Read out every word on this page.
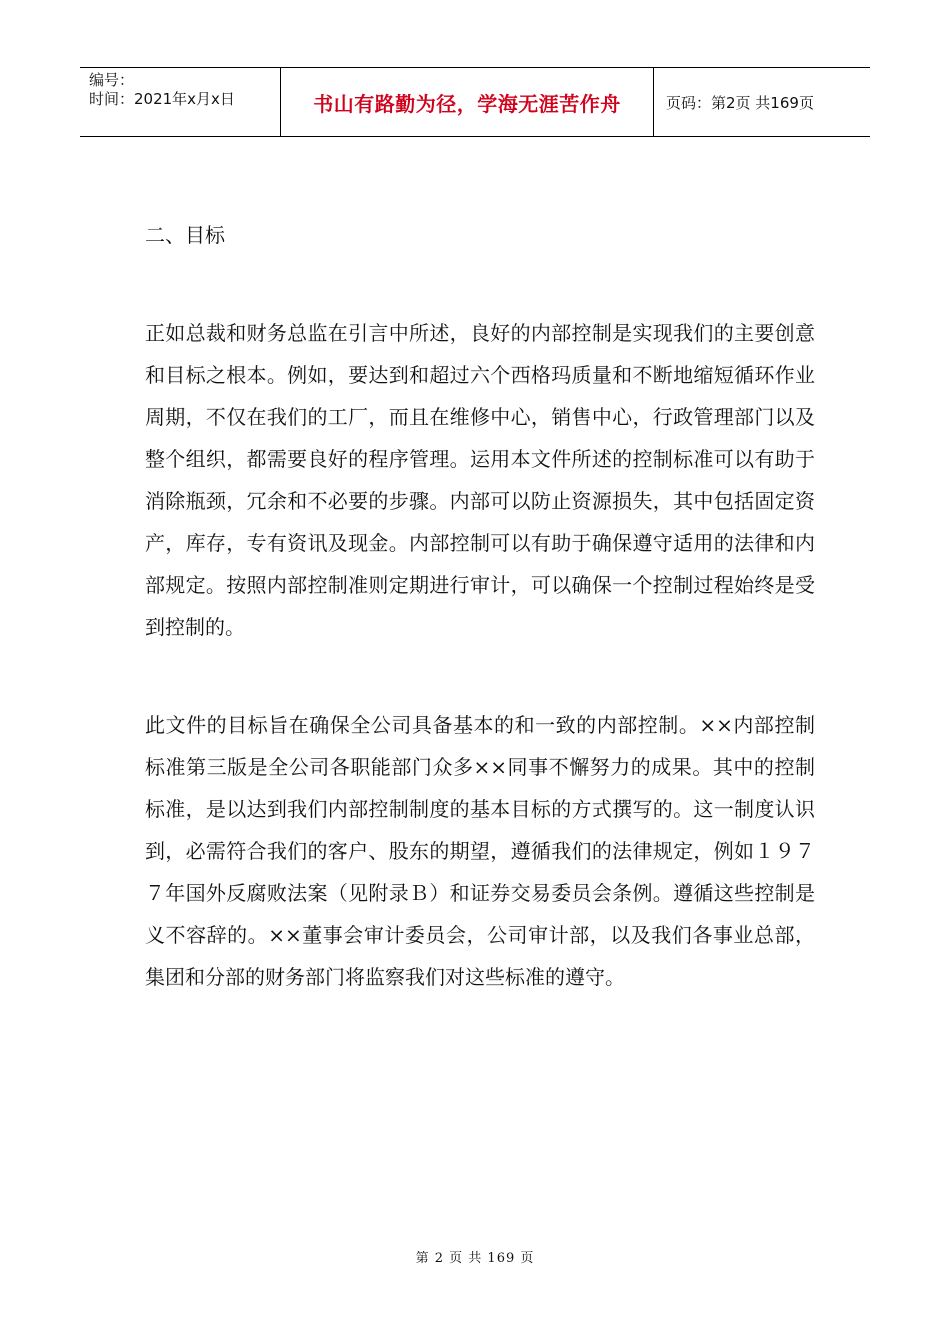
编号：
时间：2021年x月x日	书山有路勤为径，学海无涯苦作舟	页码：第2页 共169页
二、目标

正如总裁和财务总监在引言中所述，良好的内部控制是实现我们的主要创意和目标之根本。例如，要达到和超过六个西格玛质量和不断地缩短循环作业周期，不仅在我们的工厂，而且在维修中心，销售中心，行政管理部门以及整个组织，都需要良好的程序管理。运用本文件所述的控制标准可以有助于消除瓶颈，冗余和不必要的步骤。内部可以防止资源损失，其中包括固定资产，库存，专有资讯及现金。内部控制可以有助于确保遵守适用的法律和内部规定。按照内部控制准则定期进行审计，可以确保一个控制过程始终是受到控制的。

此文件的目标旨在确保全公司具备基本的和一致的内部控制。××内部控制标准第三版是全公司各职能部门众多××同事不懈努力的成果。其中的控制标准，是以达到我们内部控制制度的基本目标的方式撰写的。这一制度认识到，必需符合我们的客户、股东的期望，遵循我们的法律规定，例如１９７７年国外反腐败法案（见附录Ｂ）和证券交易委员会条例。遵循这些控制是义不容辞的。××董事会审计委员会，公司审计部，以及我们各事业总部，集团和分部的财务部门将监察我们对这些标准的遵守。

第 2 页 共 169 页
